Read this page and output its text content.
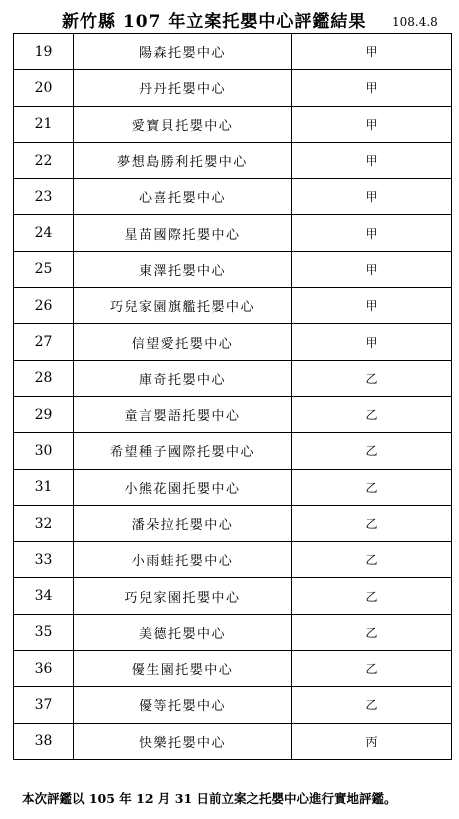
新竹縣 107 年立案托嬰中心評鑑結果 108.4.8
19	陽森托嬰中心	甲
20	丹丹托嬰中心	甲
21	愛寶貝托嬰中心	甲
22	夢想島勝利托嬰中心	甲
23	心喜托嬰中心	甲
24	星苗國際托嬰中心	甲
25	東澤托嬰中心	甲
26	巧兒家園旗艦托嬰中心	甲
27	信望愛托嬰中心	甲
28	庫奇托嬰中心	乙
29	童言嬰語托嬰中心	乙
30	希望種子國際托嬰中心	乙
31	小熊花園托嬰中心	乙
32	潘朵拉托嬰中心	乙
33	小雨蛙托嬰中心	乙
34	巧兒家園托嬰中心	乙
35	美德托嬰中心	乙
36	優生園托嬰中心	乙
37	優等托嬰中心	乙
38	快樂托嬰中心	丙
本次評鑑以 105 年 12 月 31 日前立案之托嬰中心進行實地評鑑。
